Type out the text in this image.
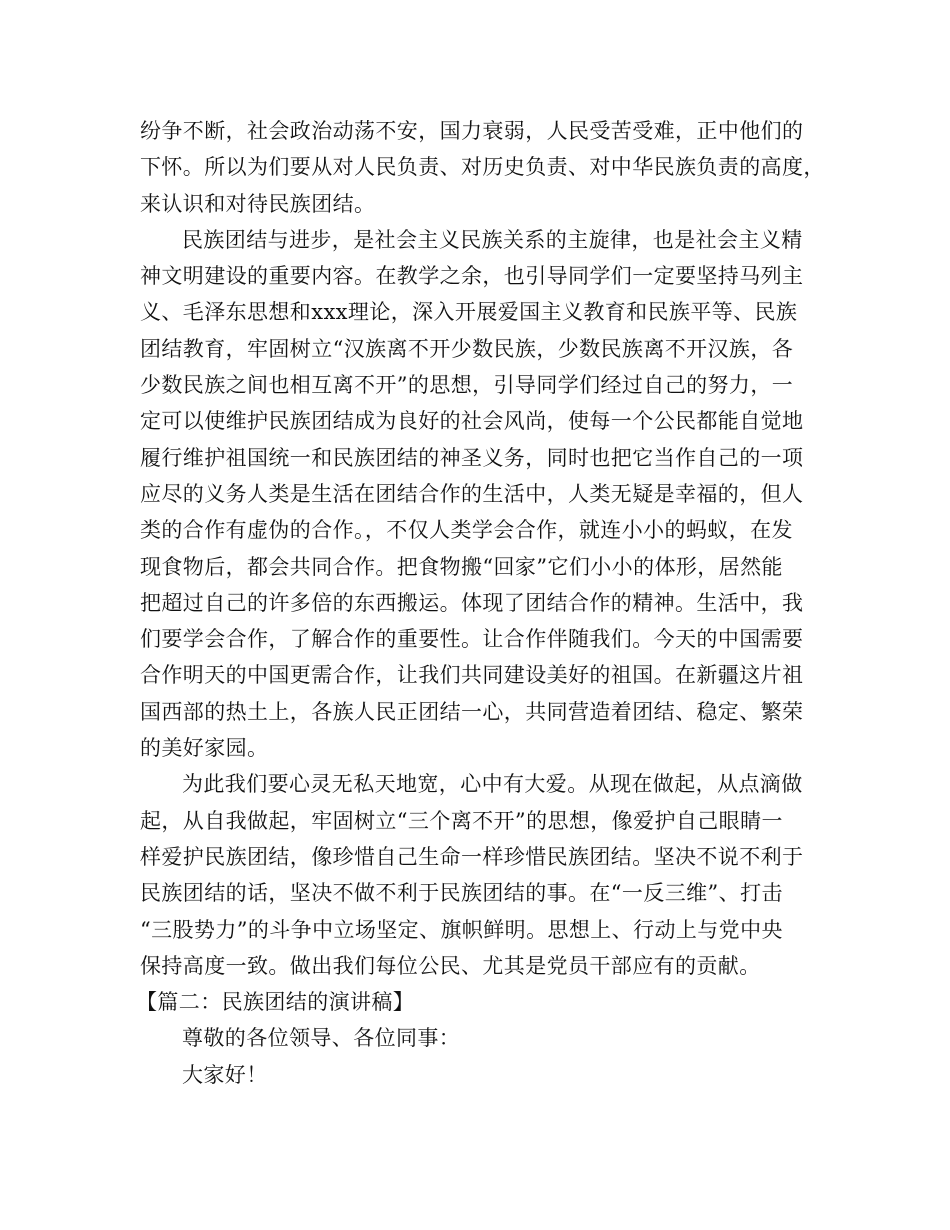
纷争不断，社会政治动荡不安，国力衰弱，人民受苦受难，正中他们的
下怀。所以为们要从对人民负责、对历史负责、对中华民族负责的高度，
来认识和对待民族团结。
民族团结与进步，是社会主义民族关系的主旋律，也是社会主义精
神文明建设的重要内容。在教学之余，也引导同学们一定要坚持马列主
义、毛泽东思想和xxx理论，深入开展爱国主义教育和民族平等、民族
团结教育，牢固树立“汉族离不开少数民族，少数民族离不开汉族，各
少数民族之间也相互离不开”的思想，引导同学们经过自己的努力，一
定可以使维护民族团结成为良好的社会风尚，使每一个公民都能自觉地
履行维护祖国统一和民族团结的神圣义务，同时也把它当作自己的一项
应尽的义务人类是生活在团结合作的生活中，人类无疑是幸福的，但人
类的合作有虚伪的合作。，不仅人类学会合作，就连小小的蚂蚁，在发
现食物后，都会共同合作。把食物搬“回家”它们小小的体形，居然能
把超过自己的许多倍的东西搬运。体现了团结合作的精神。生活中，我
们要学会合作，了解合作的重要性。让合作伴随我们。今天的中国需要
合作明天的中国更需合作，让我们共同建设美好的祖国。在新疆这片祖
国西部的热土上，各族人民正团结一心，共同营造着团结、稳定、繁荣
的美好家园。
为此我们要心灵无私天地宽，心中有大爱。从现在做起，从点滴做
起，从自我做起，牢固树立“三个离不开”的思想，像爱护自己眼睛一
样爱护民族团结，像珍惜自己生命一样珍惜民族团结。坚决不说不利于
民族团结的话，坚决不做不利于民族团结的事。在“一反三维”、打击
“三股势力”的斗争中立场坚定、旗帜鲜明。思想上、行动上与党中央
保持高度一致。做出我们每位公民、尤其是党员干部应有的贡献。
【篇二：民族团结的演讲稿】
尊敬的各位领导、各位同事：
大家好！
